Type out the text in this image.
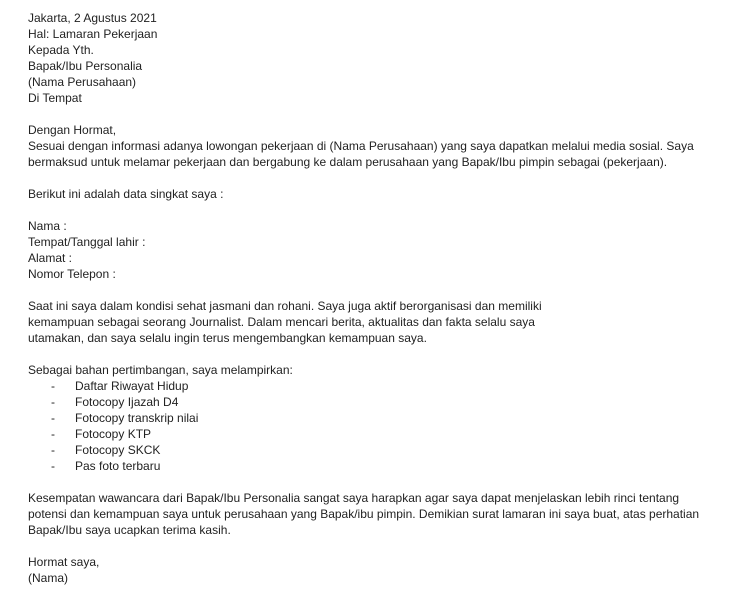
Jakarta, 2 Agustus 2021
Hal: Lamaran Pekerjaan
Kepada Yth.
Bapak/Ibu Personalia
(Nama Perusahaan)
Di Tempat
Dengan Hormat,
Sesuai dengan informasi adanya lowongan pekerjaan di (Nama Perusahaan) yang saya dapatkan melalui media sosial. Saya
bermaksud untuk melamar pekerjaan dan bergabung ke dalam perusahaan yang Bapak/Ibu pimpin sebagai (pekerjaan).
Berikut ini adalah data singkat saya :
Nama :
Tempat/Tanggal lahir :
Alamat :
Nomor Telepon :
Saat ini saya dalam kondisi sehat jasmani dan rohani. Saya juga aktif berorganisasi dan memiliki
kemampuan sebagai seorang Journalist. Dalam mencari berita, aktualitas dan fakta selalu saya
utamakan, dan saya selalu ingin terus mengembangkan kemampuan saya.
Sebagai bahan pertimbangan, saya melampirkan:
- Daftar Riwayat Hidup
- Fotocopy Ijazah D4
- Fotocopy transkrip nilai
- Fotocopy KTP
- Fotocopy SKCK
- Pas foto terbaru
Kesempatan wawancara dari Bapak/Ibu Personalia sangat saya harapkan agar saya dapat menjelaskan lebih rinci tentang
potensi dan kemampuan saya untuk perusahaan yang Bapak/ibu pimpin. Demikian surat lamaran ini saya buat, atas perhatian
Bapak/Ibu saya ucapkan terima kasih.
Hormat saya,
(Nama)
